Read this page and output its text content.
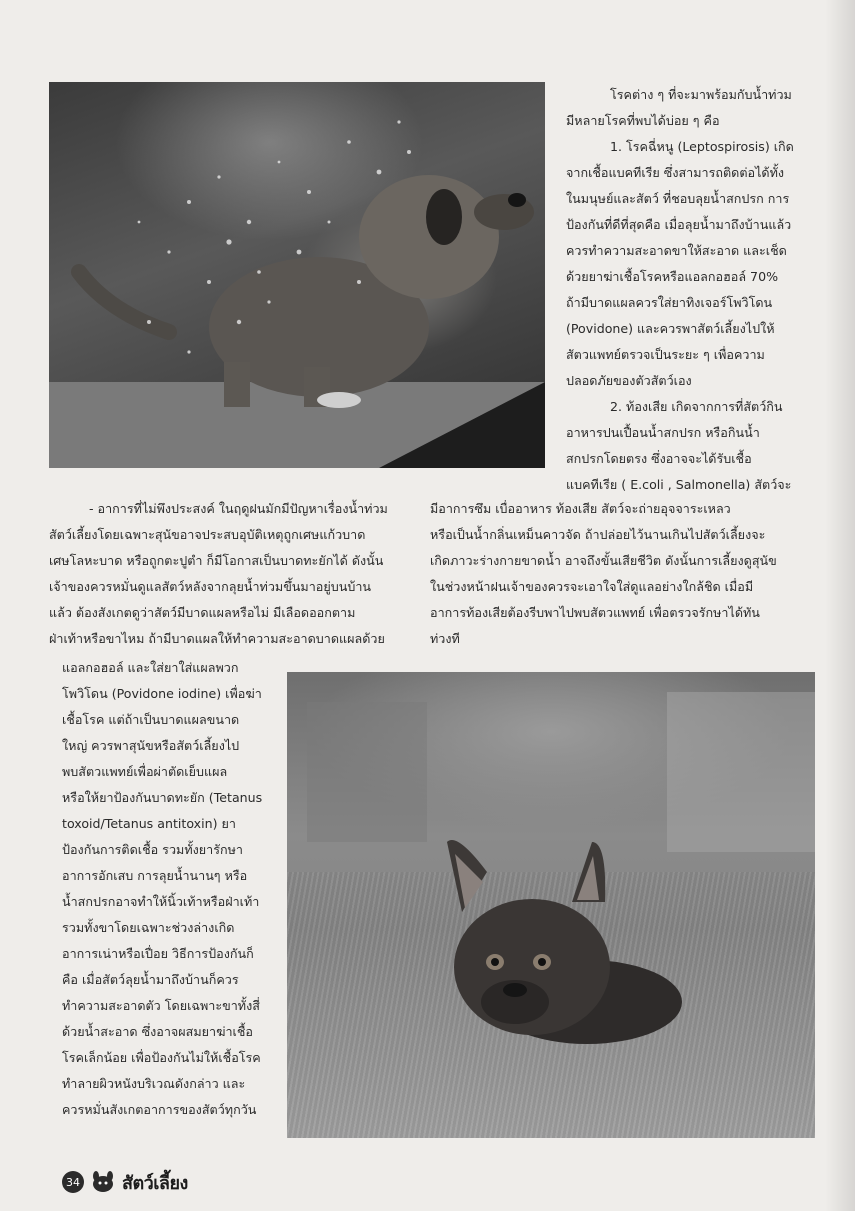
โรคต่าง ๆ ที่จะมาพร้อมกับน้ำท่วม

มีหลายโรคที่พบได้บ่อย ๆ คือ

1. โรคฉี่หนู (Leptospirosis) เกิด

จากเชื้อแบคทีเรีย ซึ่งสามารถติดต่อได้ทั้ง

ในมนุษย์และสัตว์ ที่ชอบลุยน้ำสกปรก การ

ป้องกันที่ดีที่สุดคือ เมื่อลุยน้ำมาถึงบ้านแล้ว

ควรทำความสะอาดขาให้สะอาด และเช็ด

ด้วยยาฆ่าเชื้อโรคหรือแอลกอฮอล์ 70%

ถ้ามีบาดแผลควรใส่ยาทิงเจอร์โพวิโดน

(Povidone) และควรพาสัตว์เลี้ยงไปให้

สัตวแพทย์ตรวจเป็นระยะ ๆ เพื่อความ

ปลอดภัยของตัวสัตว์เอง

2. ท้องเสีย เกิดจากการที่สัตว์กิน

อาหารปนเปื้อนน้ำสกปรก หรือกินน้ำ

สกปรกโดยตรง ซึ่งอาจจะได้รับเชื้อ

แบคทีเรีย ( E.coli , Salmonella) สัตว์จะ

- อาการที่ไม่พึงประสงค์ ในฤดูฝนมักมีปัญหาเรื่องน้ำท่วม

สัตว์เลี้ยงโดยเฉพาะสุนัขอาจประสบอุบัติเหตุถูกเศษแก้วบาด

เศษโลหะบาด หรือถูกตะปูตำ ก็มีโอกาสเป็นบาดทะยักได้ ดังนั้น

เจ้าของควรหมั่นดูแลสัตว์หลังจากลุยน้ำท่วมขึ้นมาอยู่บนบ้าน

แล้ว ต้องสังเกตดูว่าสัตว์มีบาดแผลหรือไม่ มีเลือดออกตาม

ฝ่าเท้าหรือขาไหม ถ้ามีบาดแผลให้ทำความสะอาดบาดแผลด้วย

มีอาการซึม เบื่ออาหาร ท้องเสีย สัตว์จะถ่ายอุจจาระเหลว

หรือเป็นน้ำกลิ่นเหม็นคาวจัด ถ้าปล่อยไว้นานเกินไปสัตว์เลี้ยงจะ

เกิดภาวะร่างกายขาดน้ำ อาจถึงขั้นเสียชีวิต ดังนั้นการเลี้ยงดูสุนัข

ในช่วงหน้าฝนเจ้าของควรจะเอาใจใส่ดูแลอย่างใกล้ชิด เมื่อมี

อาการท้องเสียต้องรีบพาไปพบสัตวแพทย์ เพื่อตรวจรักษาได้ทัน

ท่วงที

แอลกอฮอล์ และใส่ยาใส่แผลพวก

โพวิโดน (Povidone iodine) เพื่อฆ่า

เชื้อโรค แต่ถ้าเป็นบาดแผลขนาด

ใหญ่ ควรพาสุนัขหรือสัตว์เลี้ยงไป

พบสัตวแพทย์เพื่อผ่าตัดเย็บแผล

หรือให้ยาป้องกันบาดทะยัก (Tetanus

toxoid/Tetanus antitoxin) ยา

ป้องกันการติดเชื้อ รวมทั้งยารักษา

อาการอักเสบ การลุยน้ำนานๆ หรือ

น้ำสกปรกอาจทำให้นิ้วเท้าหรือฝ่าเท้า

รวมทั้งขาโดยเฉพาะช่วงล่างเกิด

อาการเน่าหรือเปื่อย วิธีการป้องกันก็

คือ เมื่อสัตว์ลุยน้ำมาถึงบ้านก็ควร

ทำความสะอาดตัว โดยเฉพาะขาทั้งสี่

ด้วยน้ำสะอาด ซึ่งอาจผสมยาฆ่าเชื้อ

โรคเล็กน้อย เพื่อป้องกันไม่ให้เชื้อโรค

ทำลายผิวหนังบริเวณดังกล่าว และ

ควรหมั่นสังเกตอาการของสัตว์ทุกวัน

34 สัตว์เลี้ยง
